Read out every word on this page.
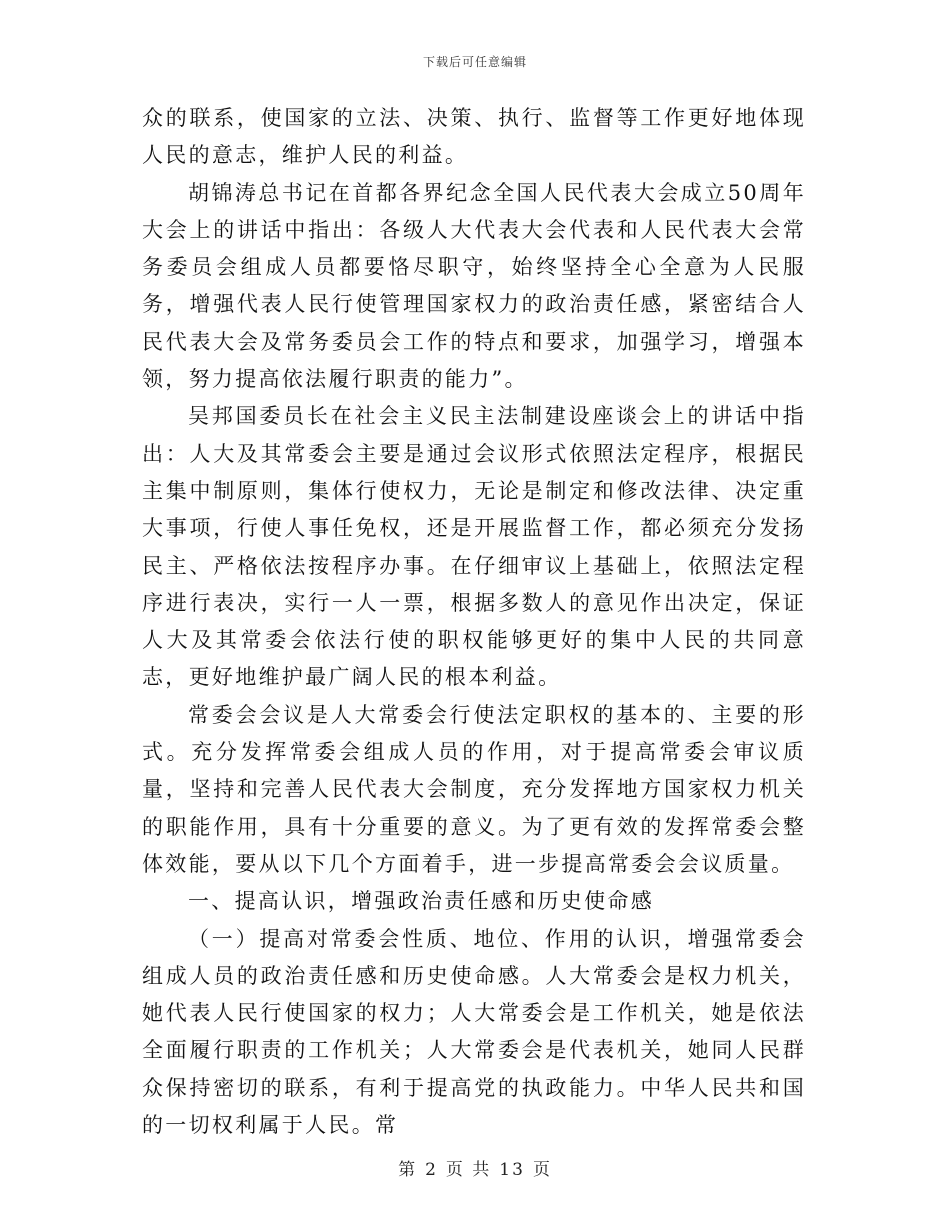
下载后可任意编辑

众的联系，使国家的立法、决策、执行、监督等工作更好地体现人民的意志，维护人民的利益。

胡锦涛总书记在首都各界纪念全国人民代表大会成立50周年大会上的讲话中指出：各级人大代表大会代表和人民代表大会常务委员会组成人员都要恪尽职守，始终坚持全心全意为人民服务，增强代表人民行使管理国家权力的政治责任感，紧密结合人民代表大会及常务委员会工作的特点和要求，加强学习，增强本领，努力提高依法履行职责的能力”。

吴邦国委员长在社会主义民主法制建设座谈会上的讲话中指出：人大及其常委会主要是通过会议形式依照法定程序，根据民主集中制原则，集体行使权力，无论是制定和修改法律、决定重大事项，行使人事任免权，还是开展监督工作，都必须充分发扬民主、严格依法按程序办事。在仔细审议上基础上，依照法定程序进行表决，实行一人一票，根据多数人的意见作出决定，保证人大及其常委会依法行使的职权能够更好的集中人民的共同意志，更好地维护最广阔人民的根本利益。

常委会会议是人大常委会行使法定职权的基本的、主要的形式。充分发挥常委会组成人员的作用，对于提高常委会审议质量，坚持和完善人民代表大会制度，充分发挥地方国家权力机关的职能作用，具有十分重要的意义。为了更有效的发挥常委会整体效能，要从以下几个方面着手，进一步提高常委会会议质量。

一、提高认识，增强政治责任感和历史使命感

（一）提高对常委会性质、地位、作用的认识，增强常委会组成人员的政治责任感和历史使命感。人大常委会是权力机关，她代表人民行使国家的权力；人大常委会是工作机关，她是依法全面履行职责的工作机关；人大常委会是代表机关，她同人民群众保持密切的联系，有利于提高党的执政能力。中华人民共和国的一切权利属于人民。常

第 2 页 共 13 页
